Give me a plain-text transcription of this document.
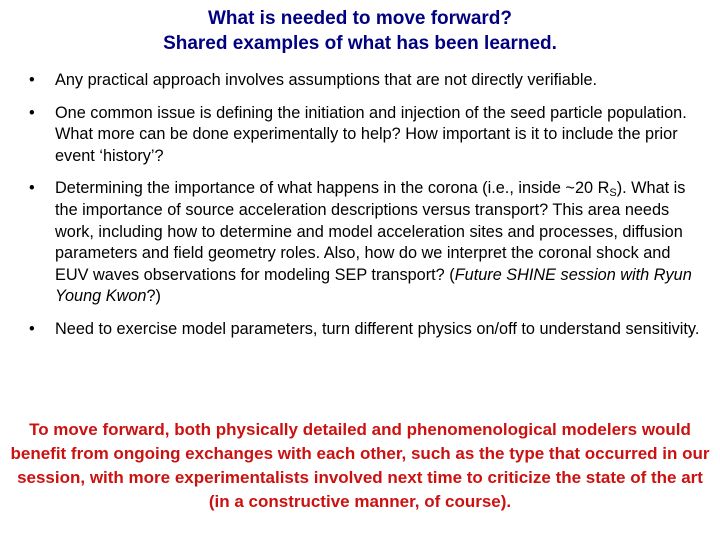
What is needed to move forward?
Shared examples of what has been learned.
• Any practical approach involves assumptions that are not directly verifiable.
• One common issue is defining the initiation and injection of the seed particle population. What more can be done experimentally to help? How important is it to include the prior event ‘history’?
• Determining the importance of what happens in the corona (i.e., inside ~20 $R_S$). What is the importance of source acceleration descriptions versus transport? This area needs work, including how to determine and model acceleration sites and processes, diffusion parameters and field geometry roles. Also, how do we interpret the coronal shock and EUV waves observations for modeling SEP transport? (Future SHINE session with Ryun Young Kwon?)
• Need to exercise model parameters, turn different physics on/off to understand sensitivity.
To move forward, both physically detailed and phenomenological modelers would benefit from ongoing exchanges with each other, such as the type that occurred in our session, with more experimentalists involved next time to criticize the state of the art (in a constructive manner, of course).
